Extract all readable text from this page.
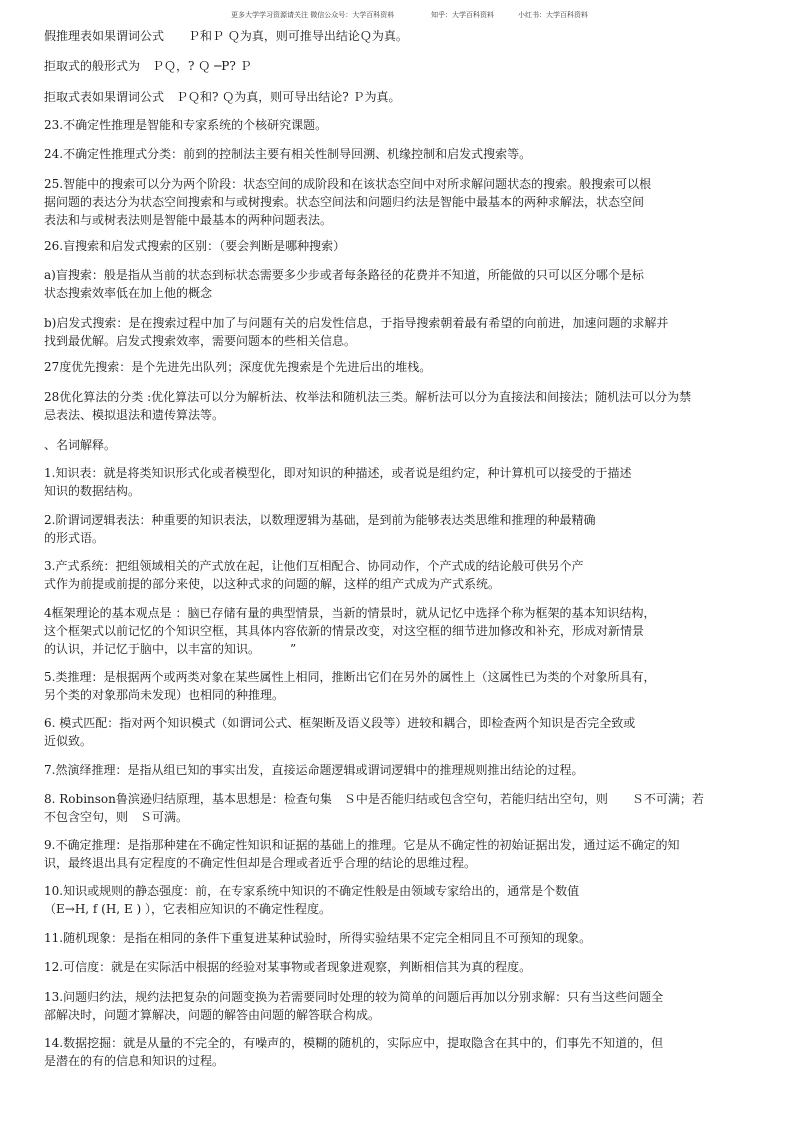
更多大学学习资源请关注 微信公众号：大学百科资料	知乎：大学百科资料	小红书：大学百科资料
假推理表如果谓词公式　　Ｐ和Ｐ Ｑ为真，则可推导出结论Ｑ为真。
拒取式的般形式为　ＰＱ，? Ｑ ─P? Ｐ
拒取式表如果谓词公式　ＰＱ和? Ｑ为真，则可导出结论? Ｐ为真。
23.不确定性推理是智能和专家系统的个核研究课题。
24.不确定性推理式分类：前到的控制法主要有相关性制导回溯、机缘控制和启发式搜索等。
25.智能中的搜索可以分为两个阶段：状态空间的成阶段和在该状态空间中对所求解问题状态的搜索。般搜索可以根
据问题的表达分为状态空间搜索和与或树搜索。状态空间法和问题归约法是智能中最基本的两种求解法，状态空间
表法和与或树表法则是智能中最基本的两种问题表法。
26.盲搜索和启发式搜索的区别：（要会判断是哪种搜索）
a)盲搜索：般是指从当前的状态到标状态需要多少步或者每条路径的花费并不知道，所能做的只可以区分哪个是标
状态搜索效率低在加上他的概念
b)启发式搜索：是在搜索过程中加了与问题有关的启发性信息，于指导搜索朝着最有希望的向前进，加速问题的求解并
找到最优解。启发式搜索效率，需要问题本的些相关信息。
27度优先搜索：是个先进先出队列；深度优先搜索是个先进后出的堆栈。
28优化算法的分类 :优化算法可以分为解析法、枚举法和随机法三类。解析法可以分为直接法和间接法；随机法可以分为禁
忌表法、模拟退法和遗传算法等。
、名词解释。
1.知识表：就是将类知识形式化或者模型化，即对知识的种描述，或者说是组约定，种计算机可以接受的于描述
知识的数据结构。
2.阶谓词逻辑表法：种重要的知识表法，以数理逻辑为基础，是到前为能够表达类思维和推理的种最精确
的形式语。
3.产式系统：把组领域相关的产式放在起，让他们互相配合、协同动作，个产式成的结论般可供另个产
式作为前提或前提的部分来使，以这种式求的问题的解，这样的组产式成为产式系统。
4框架理论的基本观点是 ：脑已存储有量的典型情景，当新的情景时，就从记忆中选择个称为框架的基本知识结构，
这个框架式以前记忆的个知识空框，其具体内容依新的情景改变，对这空框的细节进加修改和补充，形成对新情景
的认识，并记忆于脑中，以丰富的知识。　　　”
5.类推理：是根据两个或两类对象在某些属性上相同，推断出它们在另外的属性上（这属性已为类的个对象所具有，
另个类的对象那尚未发现）也相同的种推理。
6. 模式匹配：指对两个知识模式（如谓词公式、框架断及语义段等）进较和耦合，即检查两个知识是否完全致或
近似致。
7.然演绎推理：是指从组已知的事实出发，直接运命题逻辑或谓词逻辑中的推理规则推出结论的过程。
8. Robinson鲁滨逊归结原理，基本思想是：检查句集　Ｓ中是否能归结或包含空句，若能归结出空句，则　　Ｓ不可满；若
不包含空句，则　Ｓ可满。
9.不确定推理：是指那种建在不确定性知识和证据的基础上的推理。它是从不确定性的初始证据出发，通过运不确定的知
识，最终退出具有定程度的不确定性但却是合理或者近乎合理的结论的思维过程。
10.知识或规则的静态强度：前，在专家系统中知识的不确定性般是由领域专家给出的，通常是个数值
（E→H, f (H, E ) ），它表相应知识的不确定性程度。
11.随机现象：是指在相同的条件下重复进某种试验时，所得实验结果不定完全相同且不可预知的现象。
12.可信度：就是在实际活中根据的经验对某事物或者现象进观察，判断相信其为真的程度。
13.问题归约法，规约法把复杂的问题变换为若需要同时处理的较为简单的问题后再加以分别求解：只有当这些问题全
部解决时，问题才算解决，问题的解答由问题的解答联合构成。
14.数据挖掘：就是从量的不完全的，有噪声的，模糊的随机的，实际应中，提取隐含在其中的，们事先不知道的，但
是潜在的有的信息和知识的过程。
